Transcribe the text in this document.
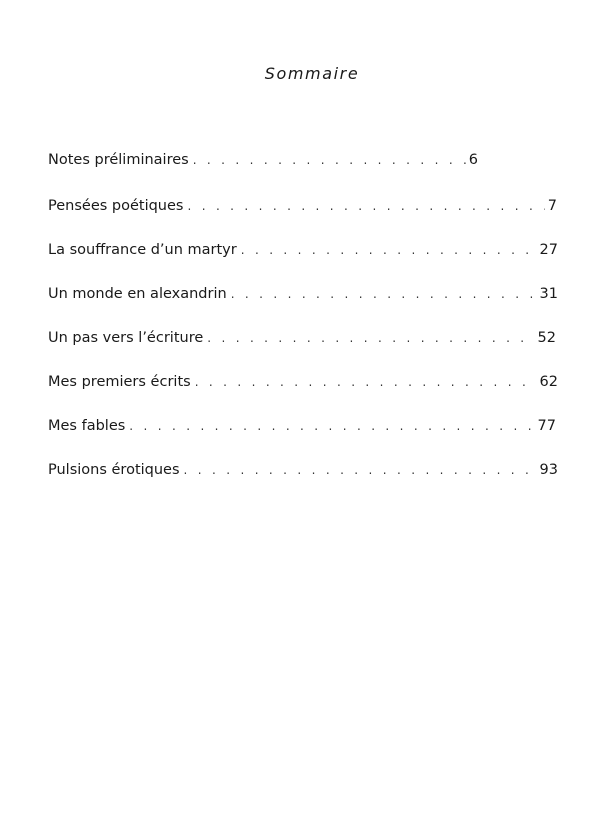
Sommaire
Notes préliminaires . . .	6
Pensées poétiques . . .	7
La souffrance d’un martyr . . .	27
Un monde en alexandrin . . .	31
Un pas vers l’écriture . . .	52
Mes premiers écrits . . .	62
Mes fables . . .	77
Pulsions érotiques . . .	93
